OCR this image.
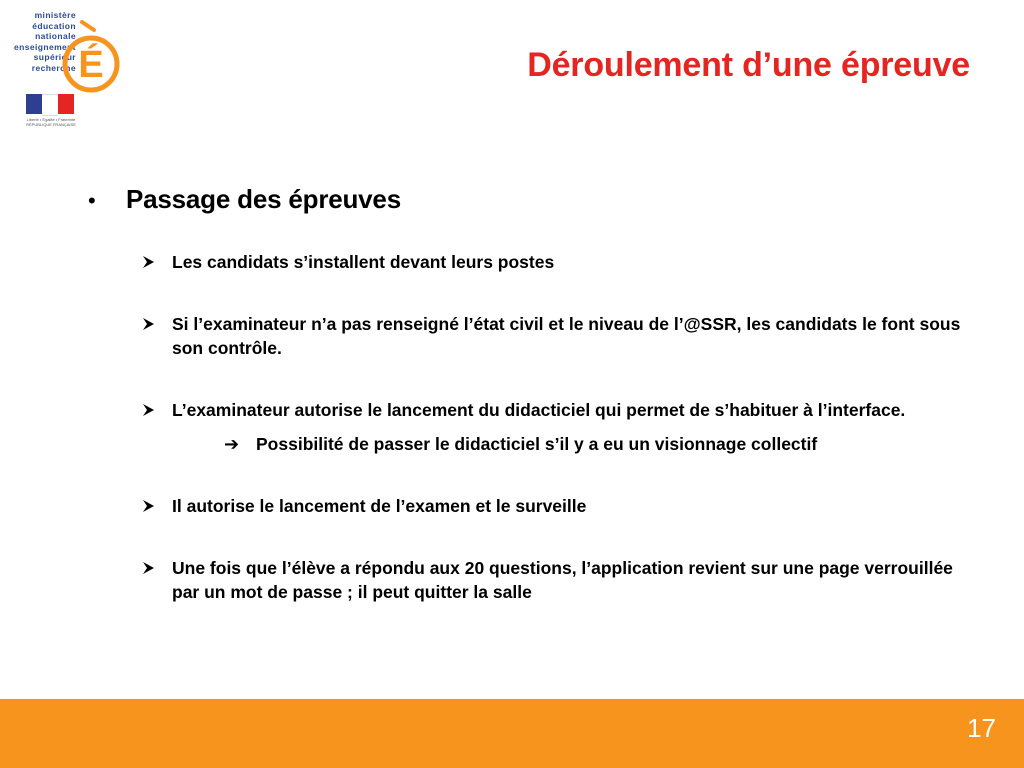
ministère
éducation
nationale
enseignement
supérieur
recherche É
Liberté • Égalité • Fraternité RÉPUBLIQUE FRANÇAISE
Déroulement d’une épreuve
•	Passage des épreuves
Les candidats s’installent devant leurs postes
Si l’examinateur n’a pas renseigné l’état civil et le niveau de l’@SSR, les candidats le font sous son contrôle.
L’examinateur autorise le lancement du didacticiel qui permet de s’habituer à l’interface.
➔ Possibilité de passer le didacticiel s’il y a eu un visionnage collectif
Il autorise le lancement de l’examen et le surveille
Une fois que l’élève a répondu aux 20 questions, l’application revient sur une page verrouillée par un mot de passe ; il peut quitter la salle
17
